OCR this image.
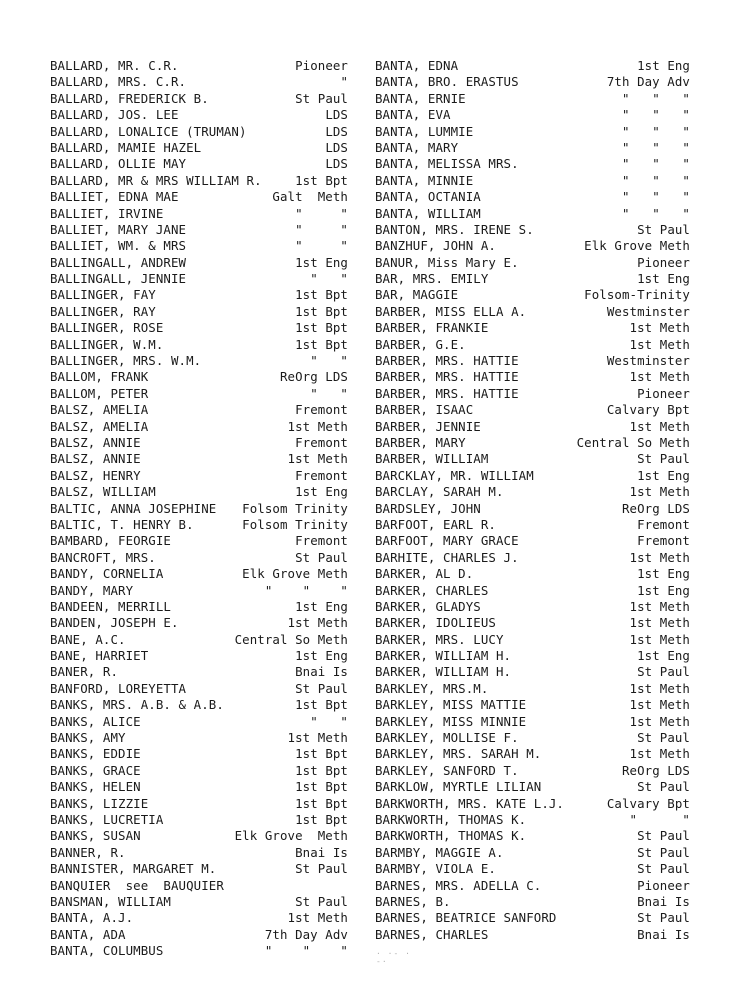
BALLARD, MR. C.R.	Pioneer
BALLARD, MRS. C.R.	"
BALLARD, FREDERICK B.	St Paul
BALLARD, JOS. LEE	LDS
BALLARD, LONALICE (TRUMAN)	LDS
BALLARD, MAMIE HAZEL	LDS
BALLARD, OLLIE MAY	LDS
BALLARD, MR & MRS WILLIAM R.	1st Bpt
BALLIET, EDNA MAE	Galt  Meth
BALLIET, IRVINE	"     "
BALLIET, MARY JANE	"     "
BALLIET, WM. & MRS	"     "
BALLINGALL, ANDREW	1st Eng
BALLINGALL, JENNIE	"   "
BALLINGER, FAY	1st Bpt
BALLINGER, RAY	1st Bpt
BALLINGER, ROSE	1st Bpt
BALLINGER, W.M.	1st Bpt
BALLINGER, MRS. W.M.	"   "
BALLOM, FRANK	ReOrg LDS
BALLOM, PETER	"   "
BALSZ, AMELIA	Fremont
BALSZ, AMELIA	1st Meth
BALSZ, ANNIE	Fremont
BALSZ, ANNIE	1st Meth
BALSZ, HENRY	Fremont
BALSZ, WILLIAM	1st Eng
BALTIC, ANNA JOSEPHINE Folsom Trinity
BALTIC, T. HENRY B.	Folsom Trinity
BAMBARD, FEORGIE	Fremont
BANCROFT, MRS.	St Paul
BANDY, CORNELIA	Elk Grove Meth
BANDY, MARY	"    "    "
BANDEEN, MERRILL	1st Eng
BANDEN, JOSEPH E.	1st Meth
BANE, A.C.	Central So Meth
BANE, HARRIET	1st Eng
BANER, R.	Bnai Is
BANFORD, LOREYETTA	St Paul
BANKS, MRS. A.B. & A.B.	1st Bpt
BANKS, ALICE	"   "
BANKS, AMY	1st Meth
BANKS, EDDIE	1st Bpt
BANKS, GRACE	1st Bpt
BANKS, HELEN	1st Bpt
BANKS, LIZZIE	1st Bpt
BANKS, LUCRETIA	1st Bpt
BANKS, SUSAN	Elk Grove  Meth
BANNER, R.	Bnai Is
BANNISTER, MARGARET M.	St Paul
BANQUIER  see  BAUQUIER
BANSMAN, WILLIAM	St Paul
BANTA, A.J.	1st Meth
BANTA, ADA	7th Day Adv
BANTA, COLUMBUS	"    "    "
BANTA, EDNA	1st Eng
BANTA, BRO. ERASTUS	7th Day Adv
BANTA, ERNIE	"   "   "
BANTA, EVA	"   "   "
BANTA, LUMMIE	"   "   "
BANTA, MARY	"   "   "
BANTA, MELISSA MRS.	"   "   "
BANTA, MINNIE	"   "   "
BANTA, OCTANIA	"   "   "
BANTA, WILLIAM	"   "   "
BANTON, MRS. IRENE S.	St Paul
BANZHUF, JOHN A.	Elk Grove Meth
BANUR, Miss Mary E.	Pioneer
BAR, MRS. EMILY	1st Eng
BAR, MAGGIE	Folsom-Trinity
BARBER, MISS ELLA A.	Westminster
BARBER, FRANKIE	1st Meth
BARBER, G.E.	1st Meth
BARBER, MRS. HATTIE	Westminster
BARBER, MRS. HATTIE	1st Meth
BARBER, MRS. HATTIE	Pioneer
BARBER, ISAAC	Calvary Bpt
BARBER, JENNIE	1st Meth
BARBER, MARY	Central So Meth
BARBER, WILLIAM	St Paul
BARCKLAY, MR. WILLIAM	1st Eng
BARCLAY, SARAH M.	1st Meth
BARDSLEY, JOHN	ReOrg LDS
BARFOOT, EARL R.	Fremont
BARFOOT, MARY GRACE	Fremont
BARHITE, CHARLES J.	1st Meth
BARKER, AL D.	1st Eng
BARKER, CHARLES	1st Eng
BARKER, GLADYS	1st Meth
BARKER, IDOLIEUS	1st Meth
BARKER, MRS. LUCY	1st Meth
BARKER, WILLIAM H.	1st Eng
BARKER, WILLIAM H.	St Paul
BARKLEY, MRS.M.	1st Meth
BARKLEY, MISS MATTIE	1st Meth
BARKLEY, MISS MINNIE	1st Meth
BARKLEY, MOLLISE F.	St Paul
BARKLEY, MRS. SARAH M.	1st Meth
BARKLEY, SANFORD T.	ReOrg LDS
BARKLOW, MYRTLE LILIAN	St Paul
BARKWORTH, MRS. KATE L.J.	Calvary Bpt
BARKWORTH, THOMAS K.	"      "
BARKWORTH, THOMAS K.	St Paul
BARMBY, MAGGIE A.	St Paul
BARMBY, VIOLA E.	St Paul
BARNES, MRS. ADELLA C.	Pioneer
BARNES, B.	Bnai Is
BARNES, BEATRICE SANFORD	St Paul
BARNES, CHARLES	Bnai Is
· ·- · -·
